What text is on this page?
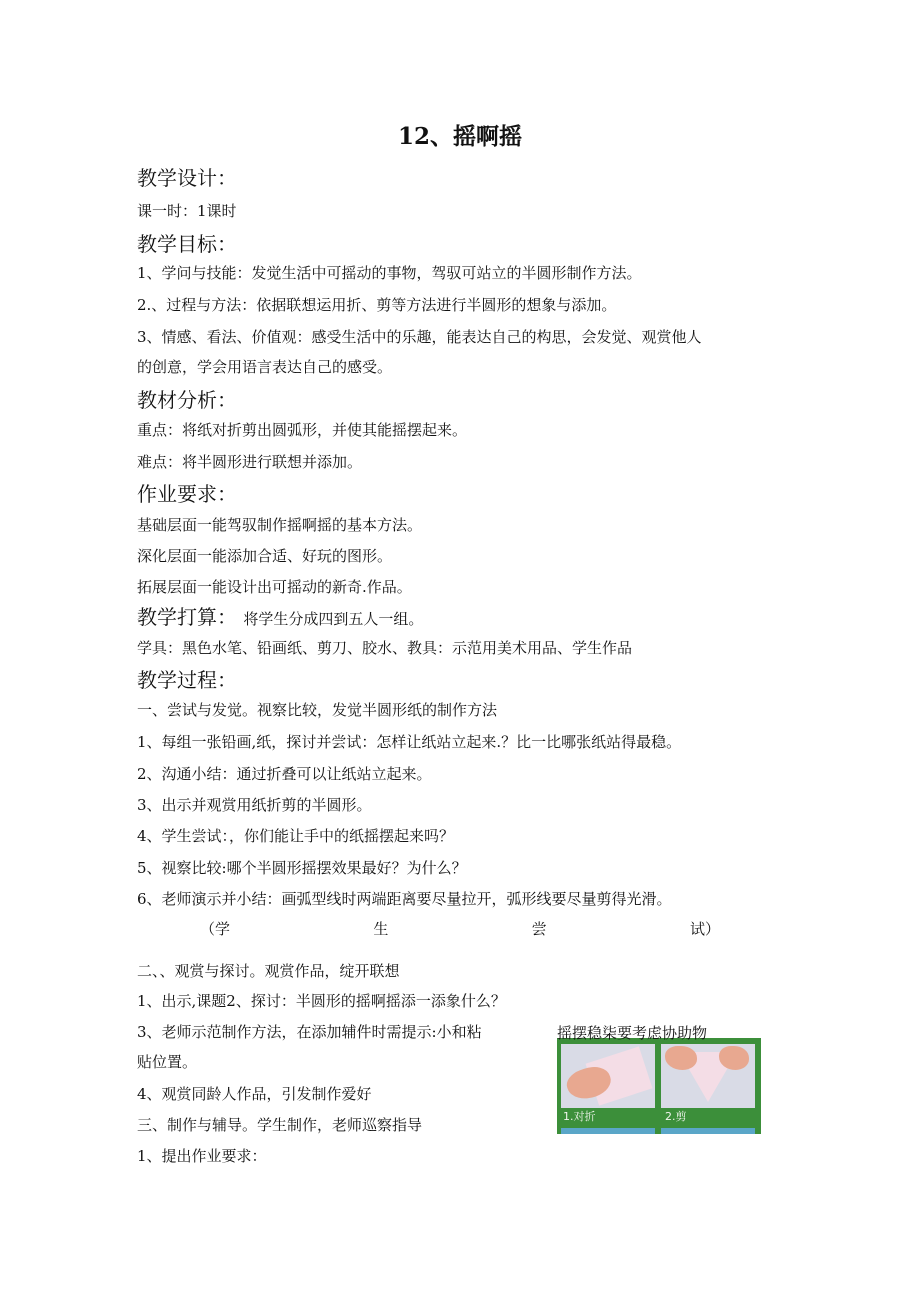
12、摇啊摇
教学设计：
课一时：1课时
教学目标：
1、学问与技能：发觉生活中可摇动的事物，驾驭可站立的半圆形制作方法。
2.、过程与方法：依据联想运用折、剪等方法进行半圆形的想象与添加。
3、情感、看法、价值观：感受生活中的乐趣，能表达自己的构思，会发觉、观赏他人
的创意，学会用语言表达自己的感受。
教材分析：
重点：将纸对折剪出圆弧形，并使其能摇摆起来。
难点：将半圆形进行联想并添加。
作业要求：
基础层面一能驾驭制作摇啊摇的基本方法。
深化层面一能添加合适、好玩的图形。
拓展层面一能设计出可摇动的新奇.作品。
教学打算： 将学生分成四到五人一组。
学具：黑色水笔、铅画纸、剪刀、胶水、教具：示范用美术用品、学生作品
教学过程：
一、尝试与发觉。视察比较，发觉半圆形纸的制作方法
1、每组一张铅画,纸，探讨并尝试：怎样让纸站立起来.？比一比哪张纸站得最稳。
2、沟通小结：通过折叠可以让纸站立起来。
3、出示并观赏用纸折剪的半圆形。
4、学生尝试：，你们能让手中的纸摇摆起来吗？
5、视察比较:哪个半圆形摇摆效果最好？为什么？
6、老师演示并小结：画弧型线时两端距离要尽量拉开，弧形线要尽量剪得光滑。
（学	生	尝	试）
二、、观赏与探讨。观赏作品，绽开联想
1、出示,课题2、探讨：半圆形的摇啊摇添一添象什么？
3、老师示范制作方法，在添加辅件时需提示:小和粘
贴位置。
4、观赏同龄人作品，引发制作爱好
三、制作与辅导。学生制作，老师巡察指导
1、提出作业要求：
1.对折	2.剪
摇摆稳柒要考虑协助物
